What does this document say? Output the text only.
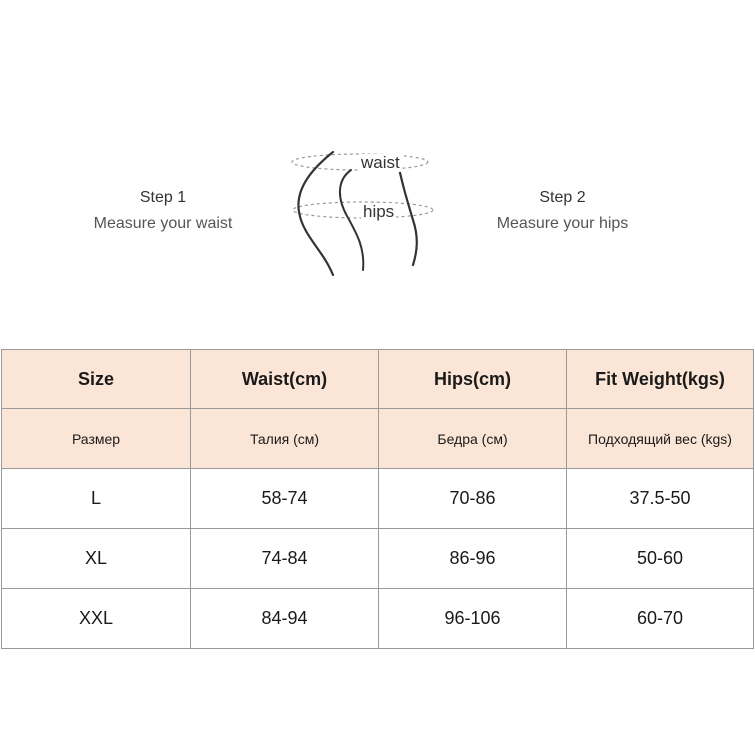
Step 1
Measure your waist
waist
hips
Step 2
Measure your hips
Size	Waist(cm)	Hips(cm)	Fit Weight(kgs)
Размер	Талия (см)	Бедра (см)	Подходящий вес (kgs)
L	58-74	70-86	37.5-50
XL	74-84	86-96	50-60
XXL	84-94	96-106	60-70
